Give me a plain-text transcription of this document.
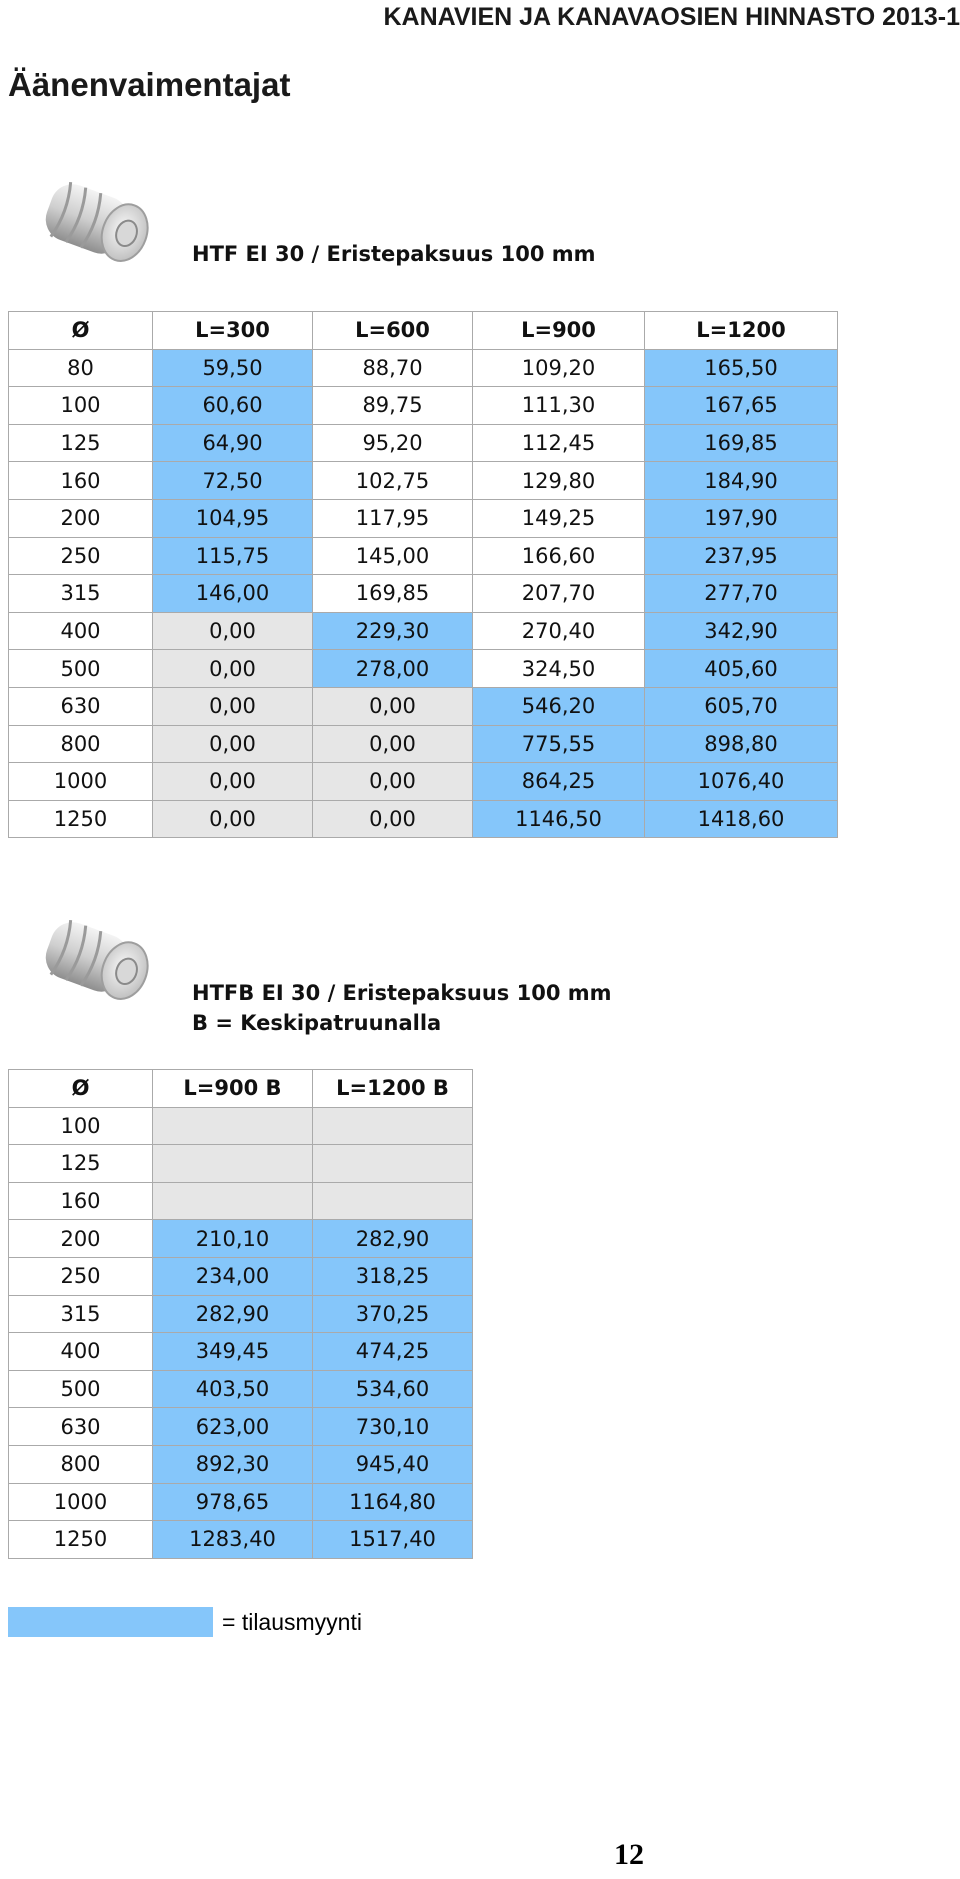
KANAVIEN JA KANAVAOSIEN HINNASTO 2013-1
Äänenvaimentajat
HTF EI 30 / Eristepaksuus 100 mm
Ø	L=300	L=600	L=900	L=1200
80	59,50	88,70	109,20	165,50
100	60,60	89,75	111,30	167,65
125	64,90	95,20	112,45	169,85
160	72,50	102,75	129,80	184,90
200	104,95	117,95	149,25	197,90
250	115,75	145,00	166,60	237,95
315	146,00	169,85	207,70	277,70
400	0,00	229,30	270,40	342,90
500	0,00	278,00	324,50	405,60
630	0,00	0,00	546,20	605,70
800	0,00	0,00	775,55	898,80
1000	0,00	0,00	864,25	1076,40
1250	0,00	0,00	1146,50	1418,60
HTFB EI 30 / Eristepaksuus 100 mm
B = Keskipatruunalla
Ø	L=900 B	L=1200 B
100		
125		
160		
200	210,10	282,90
250	234,00	318,25
315	282,90	370,25
400	349,45	474,25
500	403,50	534,60
630	623,00	730,10
800	892,30	945,40
1000	978,65	1164,80
1250	1283,40	1517,40
= tilausmyynti
12
